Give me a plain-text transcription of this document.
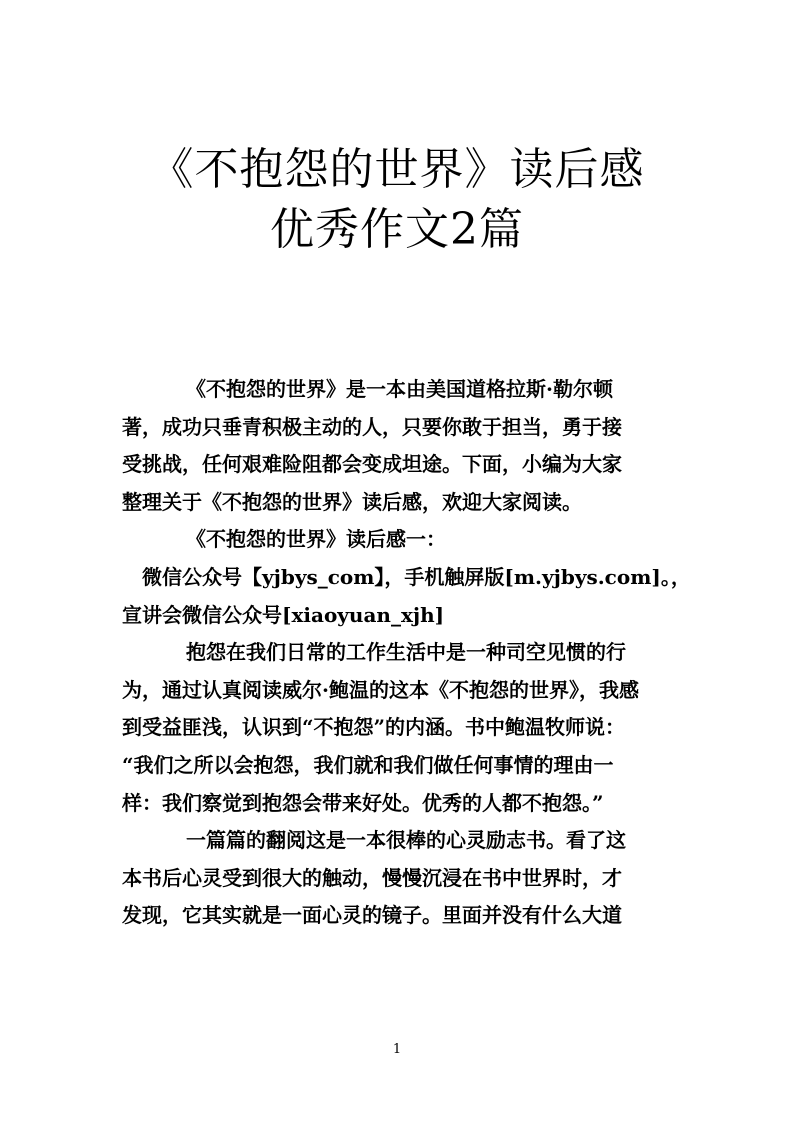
《不抱怨的世界》读后感
优秀作文2篇

《不抱怨的世界》是一本由美国道格拉斯·勒尔顿
著，成功只垂青积极主动的人，只要你敢于担当，勇于接
受挑战，任何艰难险阻都会变成坦途。下面，小编为大家
整理关于《不抱怨的世界》读后感，欢迎大家阅读。

《不抱怨的世界》读后感一：

微信公众号【yjbys_com】，手机触屏版[m.yjbys.com]。，
宣讲会微信公众号[xiaoyuan_xjh]

抱怨在我们日常的工作生活中是一种司空见惯的行
为，通过认真阅读威尔·鲍温的这本《不抱怨的世界》，我感
到受益匪浅，认识到“不抱怨”的内涵。书中鲍温牧师说：
“我们之所以会抱怨，我们就和我们做任何事情的理由一
样：我们察觉到抱怨会带来好处。优秀的人都不抱怨。”

一篇篇的翻阅这是一本很棒的心灵励志书。看了这
本书后心灵受到很大的触动，慢慢沉浸在书中世界时，才
发现，它其实就是一面心灵的镜子。里面并没有什么大道

1
